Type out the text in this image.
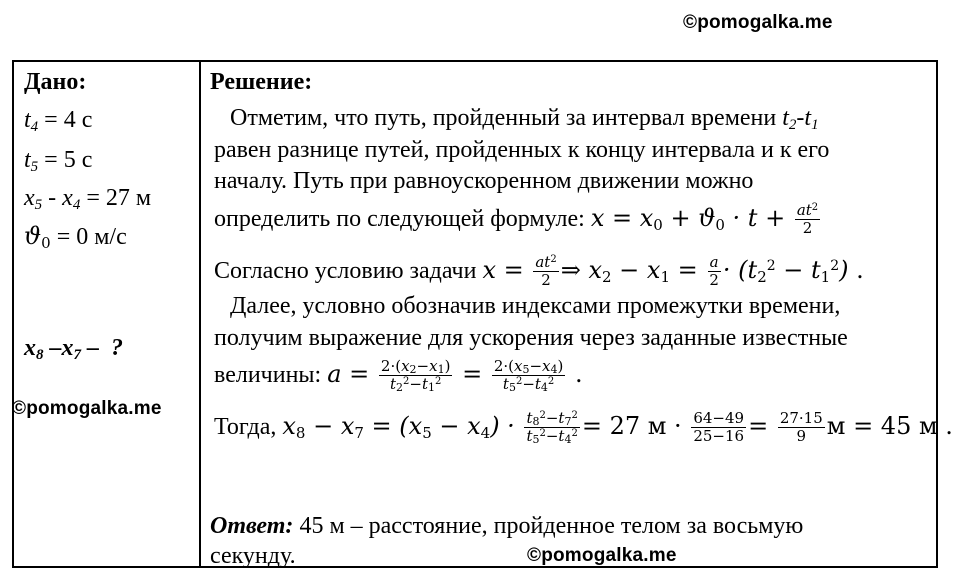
©pomogalka.me
Дано:
$t_4 = 4$ с
$t_5 = 5$ с
$x_5 - x_4 = 27$ м
$ϑ_0 = 0$ м/с
$x_8$ $-x_7$ –  ?
Решение:
Отметим, что путь, пройденный за интервал времени $t_2-t_1$
равен разнице путей, пройденных к концу интервала и к его
началу. Путь при равноускоренном движении можно
определить по следующей формуле: $x = x_0 + ϑ_0 \cdot t + \frac{at^2}{2}$
Согласно условию задачи $x = \frac{at^2}{2}$ ⇒ $x_2 - x_1 = \frac{a}{2} \cdot (t_2^2 - t_1^2)$ .
Далее, условно обозначив индексами промежутки времени,
получим выражение для ускорения через заданные известные
величины: $a = \frac{2\cdot(x_2-x_1)}{t_2^2-t_1^2} = \frac{2\cdot(x_5-x_4)}{t_5^2-t_4^2}$ .
Тогда, $x_8 - x_7 = (x_5 - x_4) \cdot \frac{t_8^2-t_7^2}{t_5^2-t_4^2} = 27$ $м \cdot \frac{64-49}{25-16} = \frac{27\cdot 15}{9}$ м = 45 м .
Ответ: 45 м – расстояние, пройденное телом за восьмую
секунду.
©pomogalka.me
©pomogalka.me
